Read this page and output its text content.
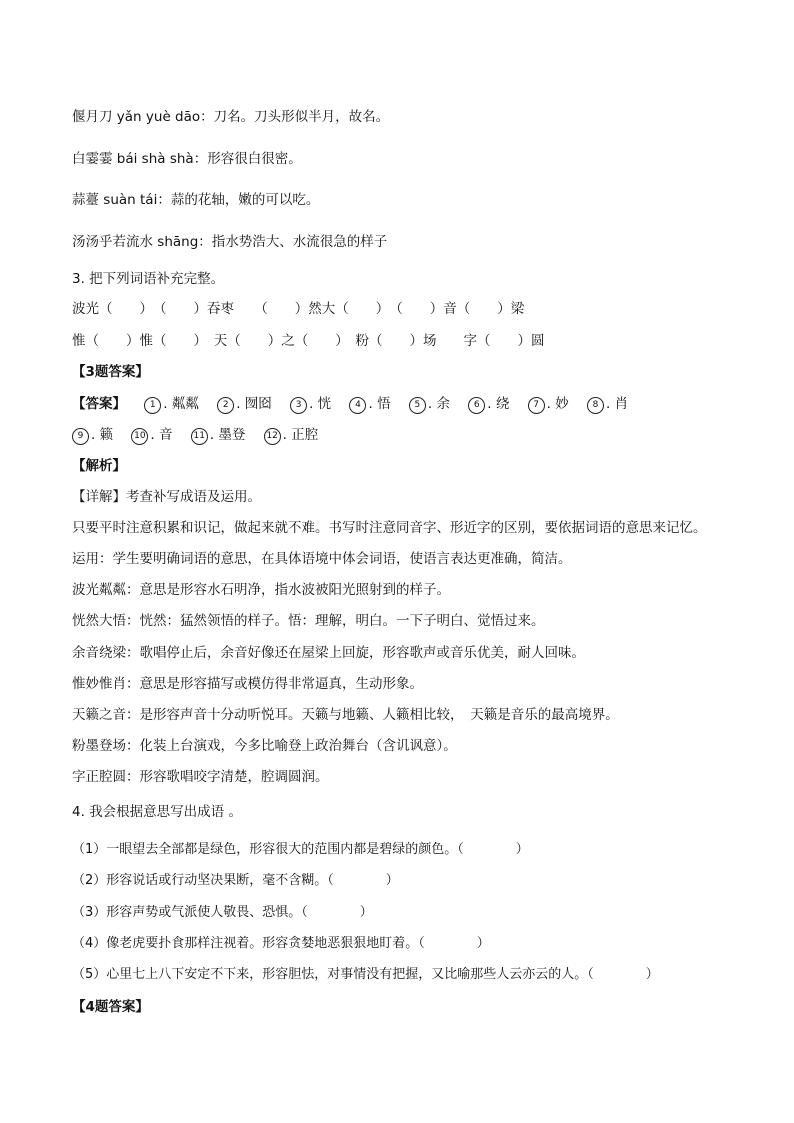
偃月刀 yǎn yuè dāo：刀名。刀头形似半月，故名。
白霎霎 bái shà shà：形容很白很密。
蒜薹 suàn tái：蒜的花轴，嫩的可以吃。
汤汤乎若流水 shāng：指水势浩大、水流很急的样子
3. 把下列词语补充完整。
波光（　　）　（　　）吞枣　　（　　）然大（　　）　（　　）音（　　）梁
惟（　　）惟（　　）　天（　　）之（　　）　粉（　　）场　　字（　　）圆
【3题答案】
【答案】	1 . 粼粼	2 . 囫囵	3 . 恍	4 . 悟	5 . 余	6 . 绕	7 . 妙	8 . 肖
9 . 籁 10 . 音 11 . 墨登 12 . 正腔
【解析】
【详解】考查补写成语及运用。
只要平时注意积累和识记，做起来就不难。书写时注意同音字、形近字的区别，要依据词语的意思来记忆。
运用：学生要明确词语的意思，在具体语境中体会词语，使语言表达更准确，简洁。
波光粼粼：意思是形容水石明净，指水波被阳光照射到的样子。
恍然大悟：恍然：猛然领悟的样子。悟：理解，明白。一下子明白、觉悟过来。
余音绕梁：歌唱停止后，余音好像还在屋梁上回旋，形容歌声或音乐优美，耐人回味。
惟妙惟肖：意思是形容描写或模仿得非常逼真，生动形象。
天籁之音：是形容声音十分动听悦耳。天籁与地籁、人籁相比较，　天籁是音乐的最高境界。
粉墨登场：化装上台演戏，今多比喻登上政治舞台（含讥讽意）。
字正腔圆：形容歌唱咬字清楚，腔调圆润。
4. 我会根据意思写出成语 。
（1）一眼望去全部都是绿色，形容很大的范围内都是碧绿的颜色。（　　　　）
（2）形容说话或行动坚决果断，毫不含糊。（　　　　）
（3）形容声势或气派使人敬畏、恐惧。（　　　　）
（4）像老虎要扑食那样注视着。形容贪婪地恶狠狠地盯着。（　　　　）
（5）心里七上八下安定不下来，形容胆怯，对事情没有把握，又比喻那些人云亦云的人。（　　　　）
【4题答案】
